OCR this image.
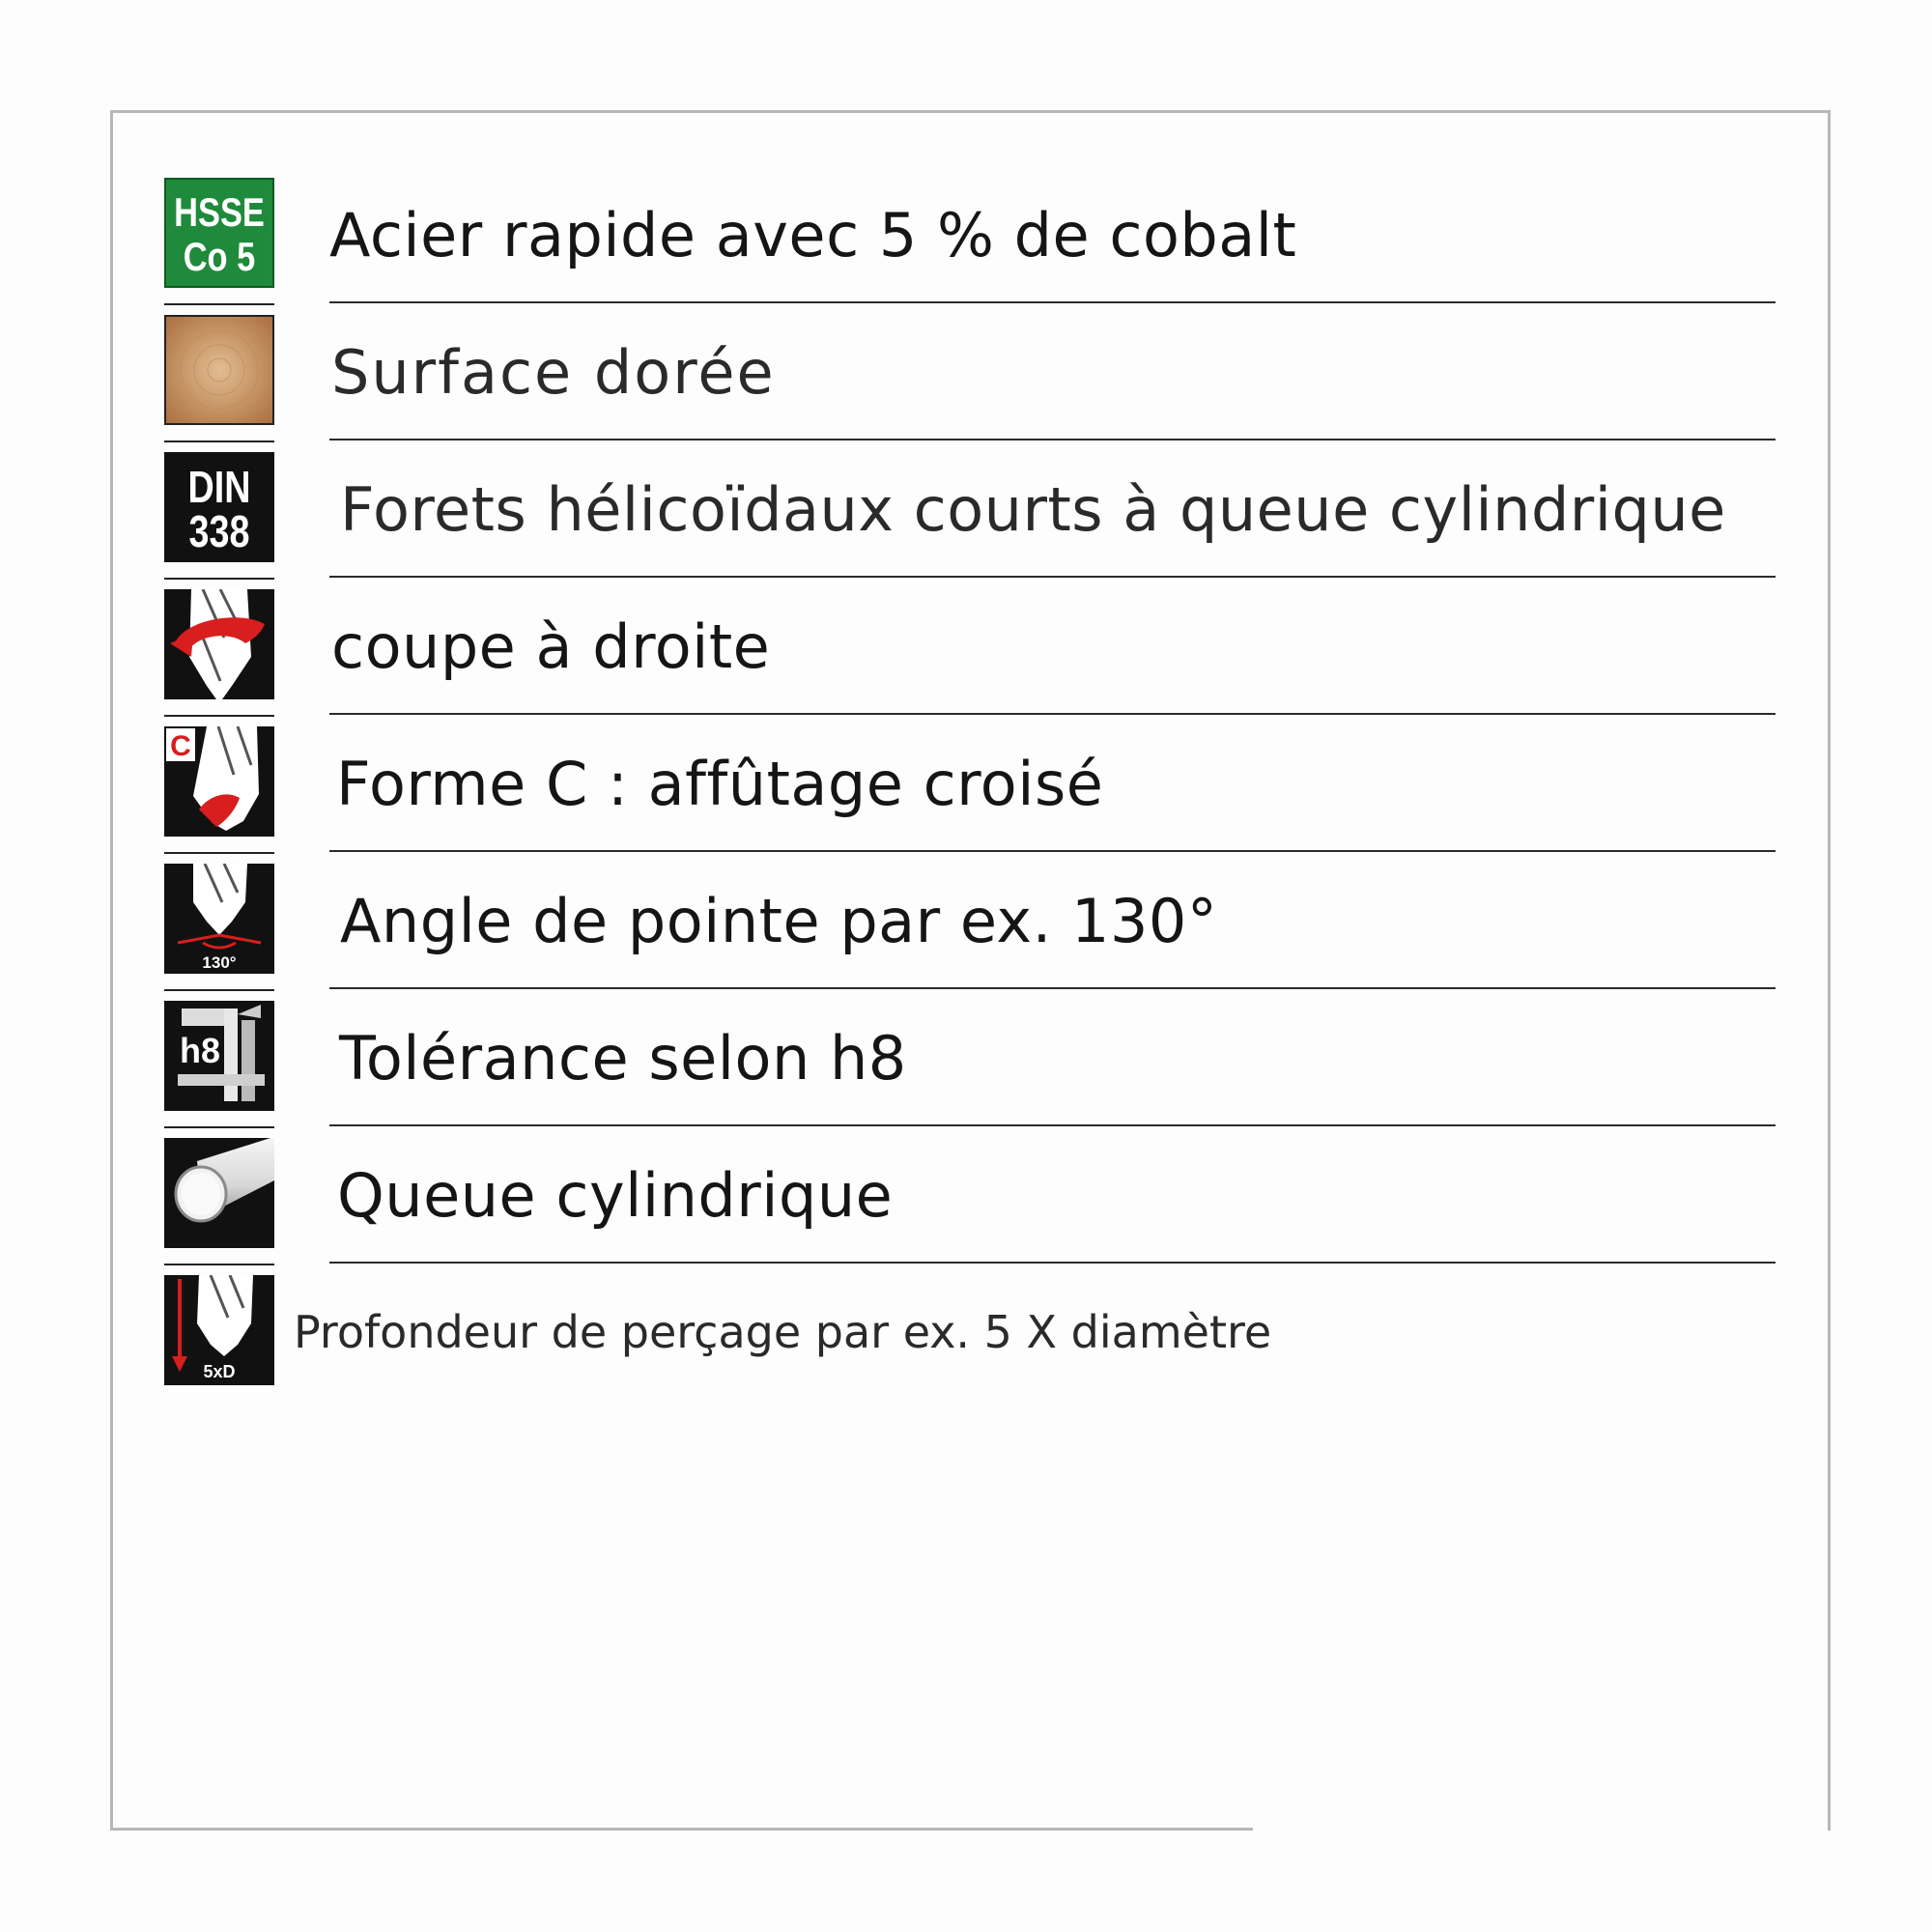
HSSE
Co 5 Acier rapide avec 5 % de cobalt
Surface dorée
DIN
338 Forets hélicoïdaux courts à queue cylindrique
coupe à droite
C
Forme C : affûtage croisé
130°
Angle de pointe par ex. 130°
h8 Tolérance selon h8
Queue cylindrique
5xD
Profondeur de perçage par ex. 5 X diamètre
